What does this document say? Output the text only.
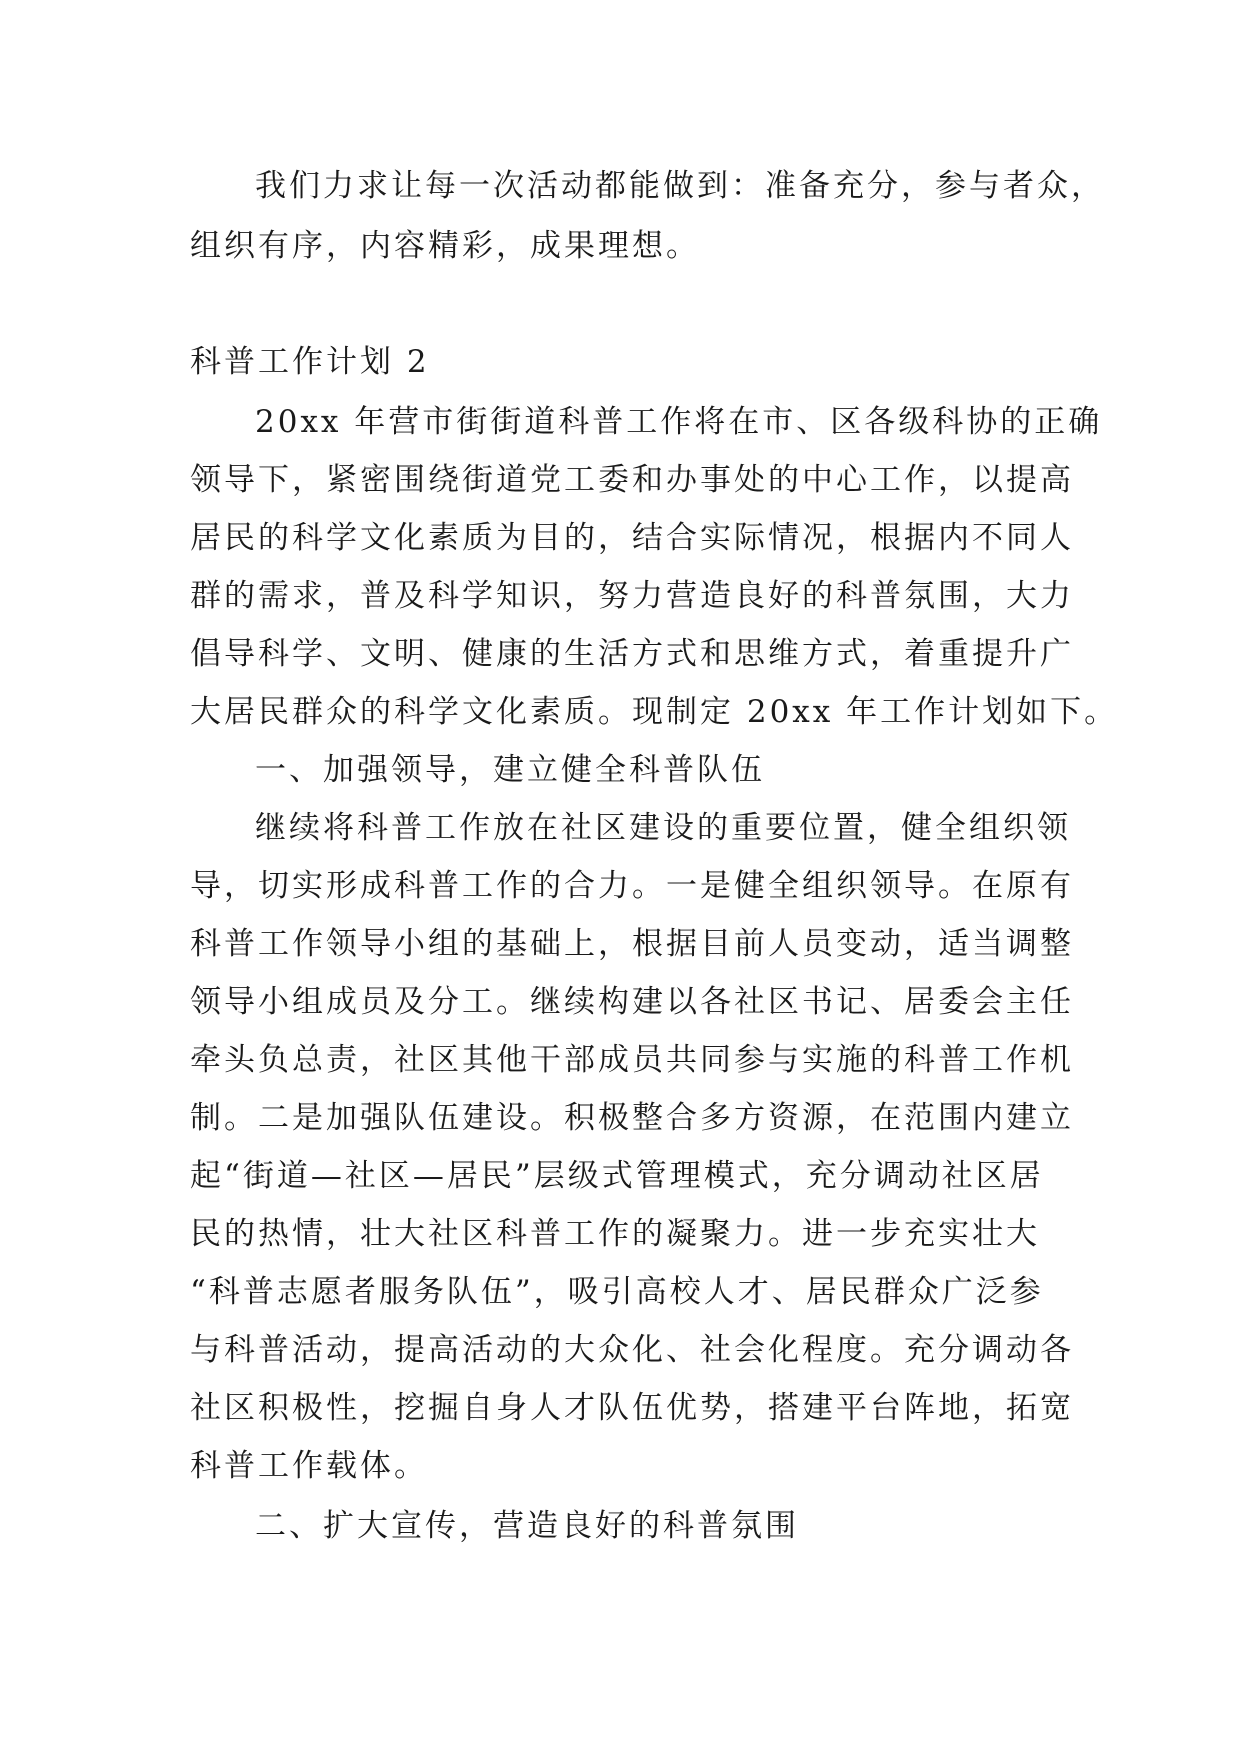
我们力求让每一次活动都能做到：准备充分，参与者众，
组织有序，内容精彩，成果理想。
科普工作计划 2
20xx 年营市街街道科普工作将在市、区各级科协的正确
领导下，紧密围绕街道党工委和办事处的中心工作，以提高
居民的科学文化素质为目的，结合实际情况，根据内不同人
群的需求，普及科学知识，努力营造良好的科普氛围，大力
倡导科学、文明、健康的生活方式和思维方式，着重提升广
大居民群众的科学文化素质。现制定 20xx 年工作计划如下。
一、加强领导，建立健全科普队伍
继续将科普工作放在社区建设的重要位置，健全组织领
导，切实形成科普工作的合力。一是健全组织领导。在原有
科普工作领导小组的基础上，根据目前人员变动，适当调整
领导小组成员及分工。继续构建以各社区书记、居委会主任
牵头负总责，社区其他干部成员共同参与实施的科普工作机
制。二是加强队伍建设。积极整合多方资源，在范围内建立
起“街道—社区—居民”层级式管理模式，充分调动社区居
民的热情，壮大社区科普工作的凝聚力。进一步充实壮大
“科普志愿者服务队伍”，吸引高校人才、居民群众广泛参
与科普活动，提高活动的大众化、社会化程度。充分调动各
社区积极性，挖掘自身人才队伍优势，搭建平台阵地，拓宽
科普工作载体。
二、扩大宣传，营造良好的科普氛围
